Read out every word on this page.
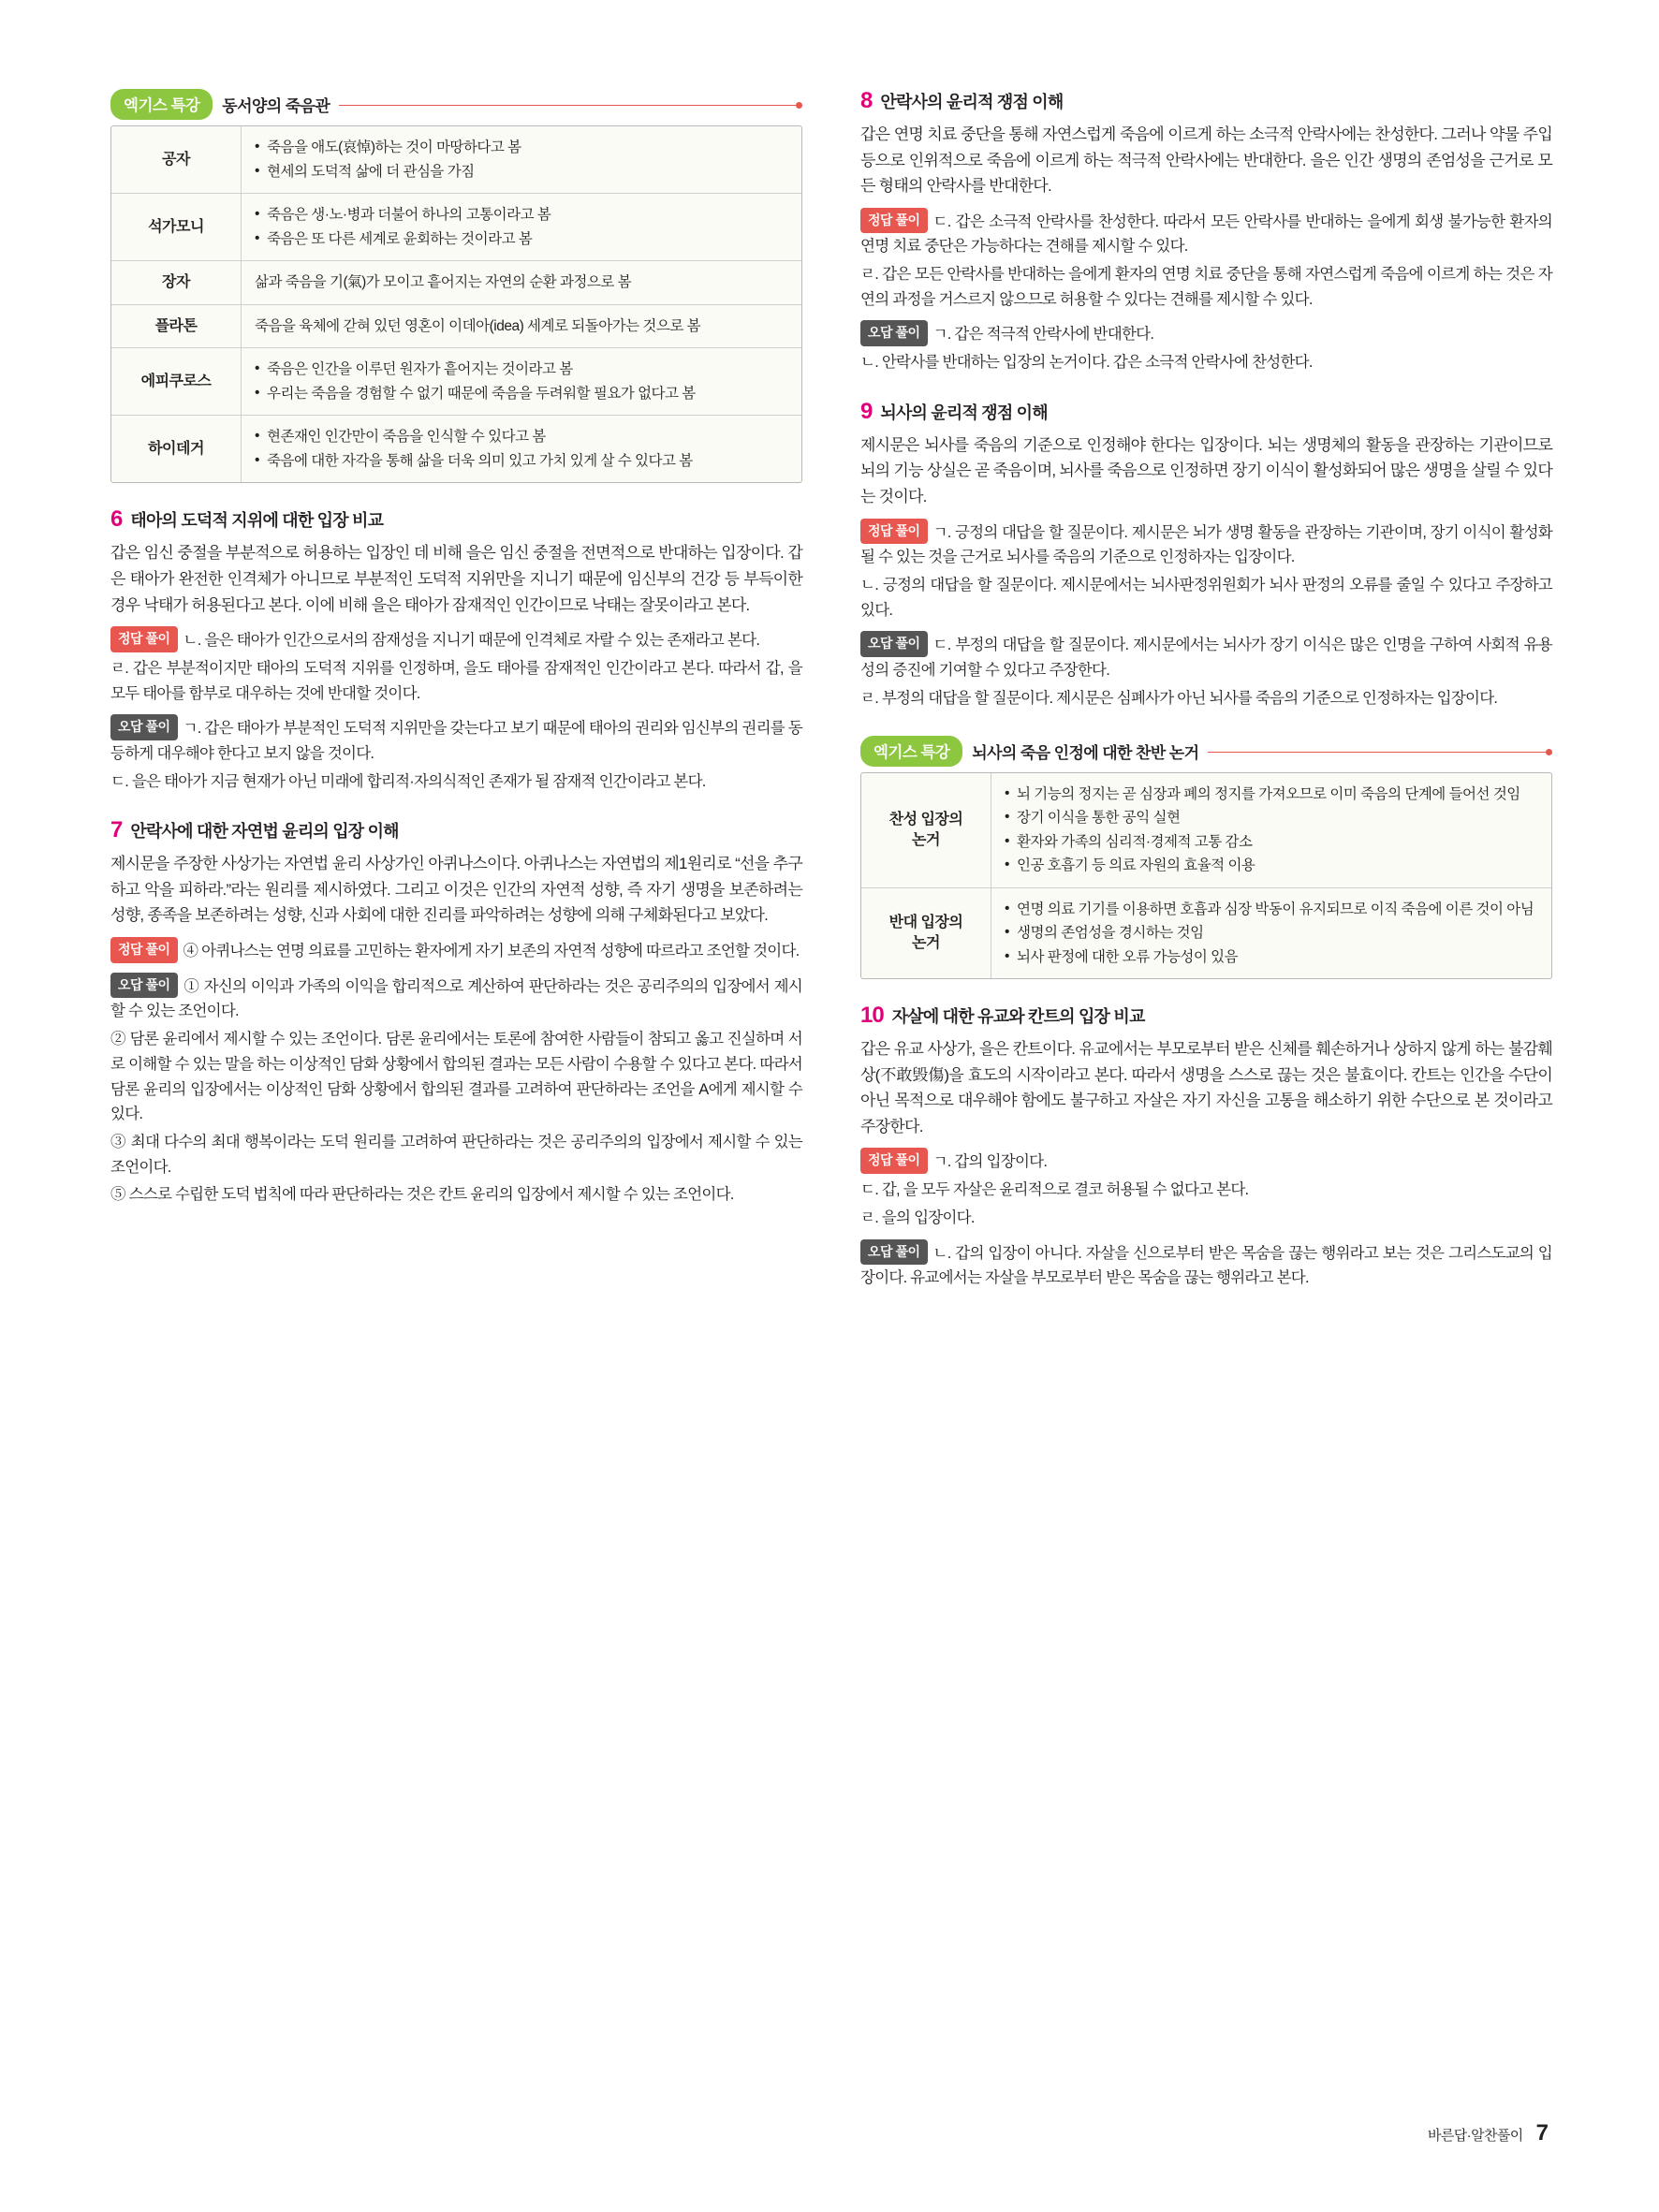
엑기스 특강	동서양의 죽음관
공자	
• 죽음을 애도(哀悼)하는 것이 마땅하다고 봄
• 현세의 도덕적 삶에 더 관심을 가짐

석가모니	
• 죽음은 생·노·병과 더불어 하나의 고통이라고 봄
• 죽음은 또 다른 세계로 윤회하는 것이라고 봄

장자	삶과 죽음을 기(氣)가 모이고 흩어지는 자연의 순환 과정으로 봄

플라톤	죽음을 육체에 갇혀 있던 영혼이 이데아(idea) 세계로 되돌아가는 것으로 봄

에피쿠로스	
• 죽음은 인간을 이루던 원자가 흩어지는 것이라고 봄
• 우리는 죽음을 경험할 수 없기 때문에 죽음을 두려워할 필요가 없다고 봄

하이데거	
• 현존재인 인간만이 죽음을 인식할 수 있다고 봄
• 죽음에 대한 자각을 통해 삶을 더욱 의미 있고 가치 있게 살 수 있다고 봄
6 태아의 도덕적 지위에 대한 입장 비교

갑은 임신 중절을 부분적으로 허용하는 입장인 데 비해 을은 임신 중절을 전면적으로 반대하는 입장이다. 갑은 태아가 완전한 인격체가 아니므로 부분적인 도덕적 지위만을 지니기 때문에 임신부의 건강 등 부득이한 경우 낙태가 허용된다고 본다. 이에 비해 을은 태아가 잠재적인 인간이므로 낙태는 잘못이라고 본다.

정답 풀이 ㄴ. 을은 태아가 인간으로서의 잠재성을 지니기 때문에 인격체로 자랄 수 있는 존재라고 본다.

ㄹ. 갑은 부분적이지만 태아의 도덕적 지위를 인정하며, 을도 태아를 잠재적인 인간이라고 본다. 따라서 갑, 을 모두 태아를 함부로 대우하는 것에 반대할 것이다.

오답 풀이 ㄱ. 갑은 태아가 부분적인 도덕적 지위만을 갖는다고 보기 때문에 태아의 권리와 임신부의 권리를 동등하게 대우해야 한다고 보지 않을 것이다.

ㄷ. 을은 태아가 지금 현재가 아닌 미래에 합리적·자의식적인 존재가 될 잠재적 인간이라고 본다.

7 안락사에 대한 자연법 윤리의 입장 이해

제시문을 주장한 사상가는 자연법 윤리 사상가인 아퀴나스이다. 아퀴나스는 자연법의 제1원리로 “선을 추구하고 악을 피하라.”라는 원리를 제시하였다. 그리고 이것은 인간의 자연적 성향, 즉 자기 생명을 보존하려는 성향, 종족을 보존하려는 성향, 신과 사회에 대한 진리를 파악하려는 성향에 의해 구체화된다고 보았다.

정답 풀이 ④ 아퀴나스는 연명 의료를 고민하는 환자에게 자기 보존의 자연적 성향에 따르라고 조언할 것이다.

오답 풀이 ① 자신의 이익과 가족의 이익을 합리적으로 계산하여 판단하라는 것은 공리주의의 입장에서 제시할 수 있는 조언이다.

② 담론 윤리에서 제시할 수 있는 조언이다. 담론 윤리에서는 토론에 참여한 사람들이 참되고 옳고 진실하며 서로 이해할 수 있는 말을 하는 이상적인 담화 상황에서 합의된 결과는 모든 사람이 수용할 수 있다고 본다. 따라서 담론 윤리의 입장에서는 이상적인 담화 상황에서 합의된 결과를 고려하여 판단하라는 조언을 A에게 제시할 수 있다.

③ 최대 다수의 최대 행복이라는 도덕 원리를 고려하여 판단하라는 것은 공리주의의 입장에서 제시할 수 있는 조언이다.

⑤ 스스로 수립한 도덕 법칙에 따라 판단하라는 것은 칸트 윤리의 입장에서 제시할 수 있는 조언이다.

8 안락사의 윤리적 쟁점 이해

갑은 연명 치료 중단을 통해 자연스럽게 죽음에 이르게 하는 소극적 안락사에는 찬성한다. 그러나 약물 주입 등으로 인위적으로 죽음에 이르게 하는 적극적 안락사에는 반대한다. 을은 인간 생명의 존엄성을 근거로 모든 형태의 안락사를 반대한다.

정답 풀이 ㄷ. 갑은 소극적 안락사를 찬성한다. 따라서 모든 안락사를 반대하는 을에게 회생 불가능한 환자의 연명 치료 중단은 가능하다는 견해를 제시할 수 있다.

ㄹ. 갑은 모든 안락사를 반대하는 을에게 환자의 연명 치료 중단을 통해 자연스럽게 죽음에 이르게 하는 것은 자연의 과정을 거스르지 않으므로 허용할 수 있다는 견해를 제시할 수 있다.

오답 풀이 ㄱ. 갑은 적극적 안락사에 반대한다.

ㄴ. 안락사를 반대하는 입장의 논거이다. 갑은 소극적 안락사에 찬성한다.

9 뇌사의 윤리적 쟁점 이해

제시문은 뇌사를 죽음의 기준으로 인정해야 한다는 입장이다. 뇌는 생명체의 활동을 관장하는 기관이므로 뇌의 기능 상실은 곧 죽음이며, 뇌사를 죽음으로 인정하면 장기 이식이 활성화되어 많은 생명을 살릴 수 있다는 것이다.

정답 풀이 ㄱ. 긍정의 대답을 할 질문이다. 제시문은 뇌가 생명 활동을 관장하는 기관이며, 장기 이식이 활성화될 수 있는 것을 근거로 뇌사를 죽음의 기준으로 인정하자는 입장이다.

ㄴ. 긍정의 대답을 할 질문이다. 제시문에서는 뇌사판정위원회가 뇌사 판정의 오류를 줄일 수 있다고 주장하고 있다.

오답 풀이 ㄷ. 부정의 대답을 할 질문이다. 제시문에서는 뇌사가 장기 이식은 많은 인명을 구하여 사회적 유용성의 증진에 기여할 수 있다고 주장한다.

ㄹ. 부정의 대답을 할 질문이다. 제시문은 심폐사가 아닌 뇌사를 죽음의 기준으로 인정하자는 입장이다.

엑기스 특강	뇌사의 죽음 인정에 대한 찬반 논거
찬성 입장의
논거	
• 뇌 기능의 정지는 곧 심장과 폐의 정지를 가져오므로 이미 죽음의 단계에 들어선 것임
• 장기 이식을 통한 공익 실현
• 환자와 가족의 심리적·경제적 고통 감소
• 인공 호흡기 등 의료 자원의 효율적 이용

반대 입장의
논거	
• 연명 의료 기기를 이용하면 호흡과 심장 박동이 유지되므로 이직 죽음에 이른 것이 아님
• 생명의 존엄성을 경시하는 것임
• 뇌사 판정에 대한 오류 가능성이 있음
10 자살에 대한 유교와 칸트의 입장 비교

갑은 유교 사상가, 을은 칸트이다. 유교에서는 부모로부터 받은 신체를 훼손하거나 상하지 않게 하는 불감훼상(不敢毁傷)을 효도의 시작이라고 본다. 따라서 생명을 스스로 끊는 것은 불효이다. 칸트는 인간을 수단이 아닌 목적으로 대우해야 함에도 불구하고 자살은 자기 자신을 고통을 해소하기 위한 수단으로 본 것이라고 주장한다.

정답 풀이 ㄱ. 갑의 입장이다.

ㄷ. 갑, 을 모두 자살은 윤리적으로 결코 허용될 수 없다고 본다.

ㄹ. 을의 입장이다.

오답 풀이 ㄴ. 갑의 입장이 아니다. 자살을 신으로부터 받은 목숨을 끊는 행위라고 보는 것은 그리스도교의 입장이다. 유교에서는 자살을 부모로부터 받은 목숨을 끊는 행위라고 본다.

바른답·알찬풀이 7
